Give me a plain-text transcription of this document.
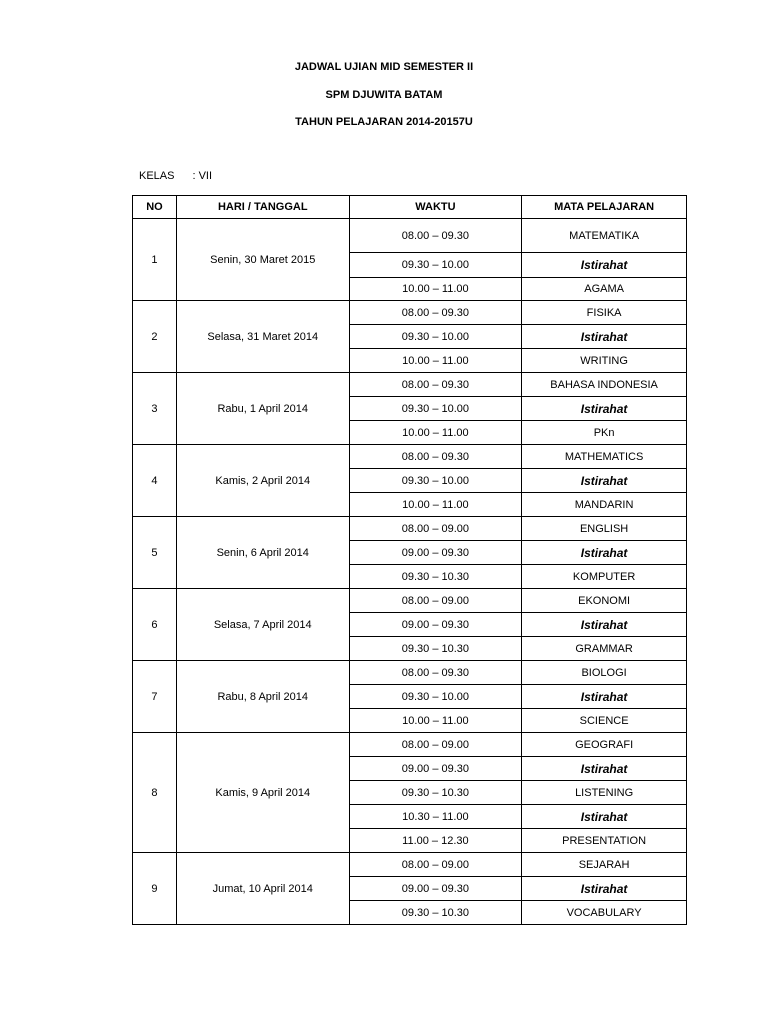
JADWAL UJIAN MID SEMESTER II
SPM DJUWITA BATAM
TAHUN PELAJARAN 2014-20157U
KELAS : VII
NO	HARI / TANGGAL	WAKTU	MATA PELAJARAN
1	Senin, 30 Maret 2015	08.00 – 09.30	MATEMATIKA
		09.30 – 10.00	Istirahat
		10.00 – 11.00	AGAMA
2	Selasa, 31 Maret 2014	08.00 – 09.30	FISIKA
		09.30 – 10.00	Istirahat
		10.00 – 11.00	WRITING
3	Rabu, 1 April 2014	08.00 – 09.30	BAHASA INDONESIA
		09.30 – 10.00	Istirahat
		10.00 – 11.00	PKn
4	Kamis, 2 April 2014	08.00 – 09.30	MATHEMATICS
		09.30 – 10.00	Istirahat
		10.00 – 11.00	MANDARIN
5	Senin, 6 April 2014	08.00 – 09.00	ENGLISH
		09.00 – 09.30	Istirahat
		09.30 – 10.30	KOMPUTER
6	Selasa, 7 April 2014	08.00 – 09.00	EKONOMI
		09.00 – 09.30	Istirahat
		09.30 – 10.30	GRAMMAR
7	Rabu, 8 April 2014	08.00 – 09.30	BIOLOGI
		09.30 – 10.00	Istirahat
		10.00 – 11.00	SCIENCE
8	Kamis, 9 April 2014	08.00 – 09.00	GEOGRAFI
		09.00 – 09.30	Istirahat
		09.30 – 10.30	LISTENING
		10.30 – 11.00	Istirahat
		11.00 – 12.30	PRESENTATION
9	Jumat, 10 April 2014	08.00 – 09.00	SEJARAH
		09.00 – 09.30	Istirahat
		09.30 – 10.30	VOCABULARY
